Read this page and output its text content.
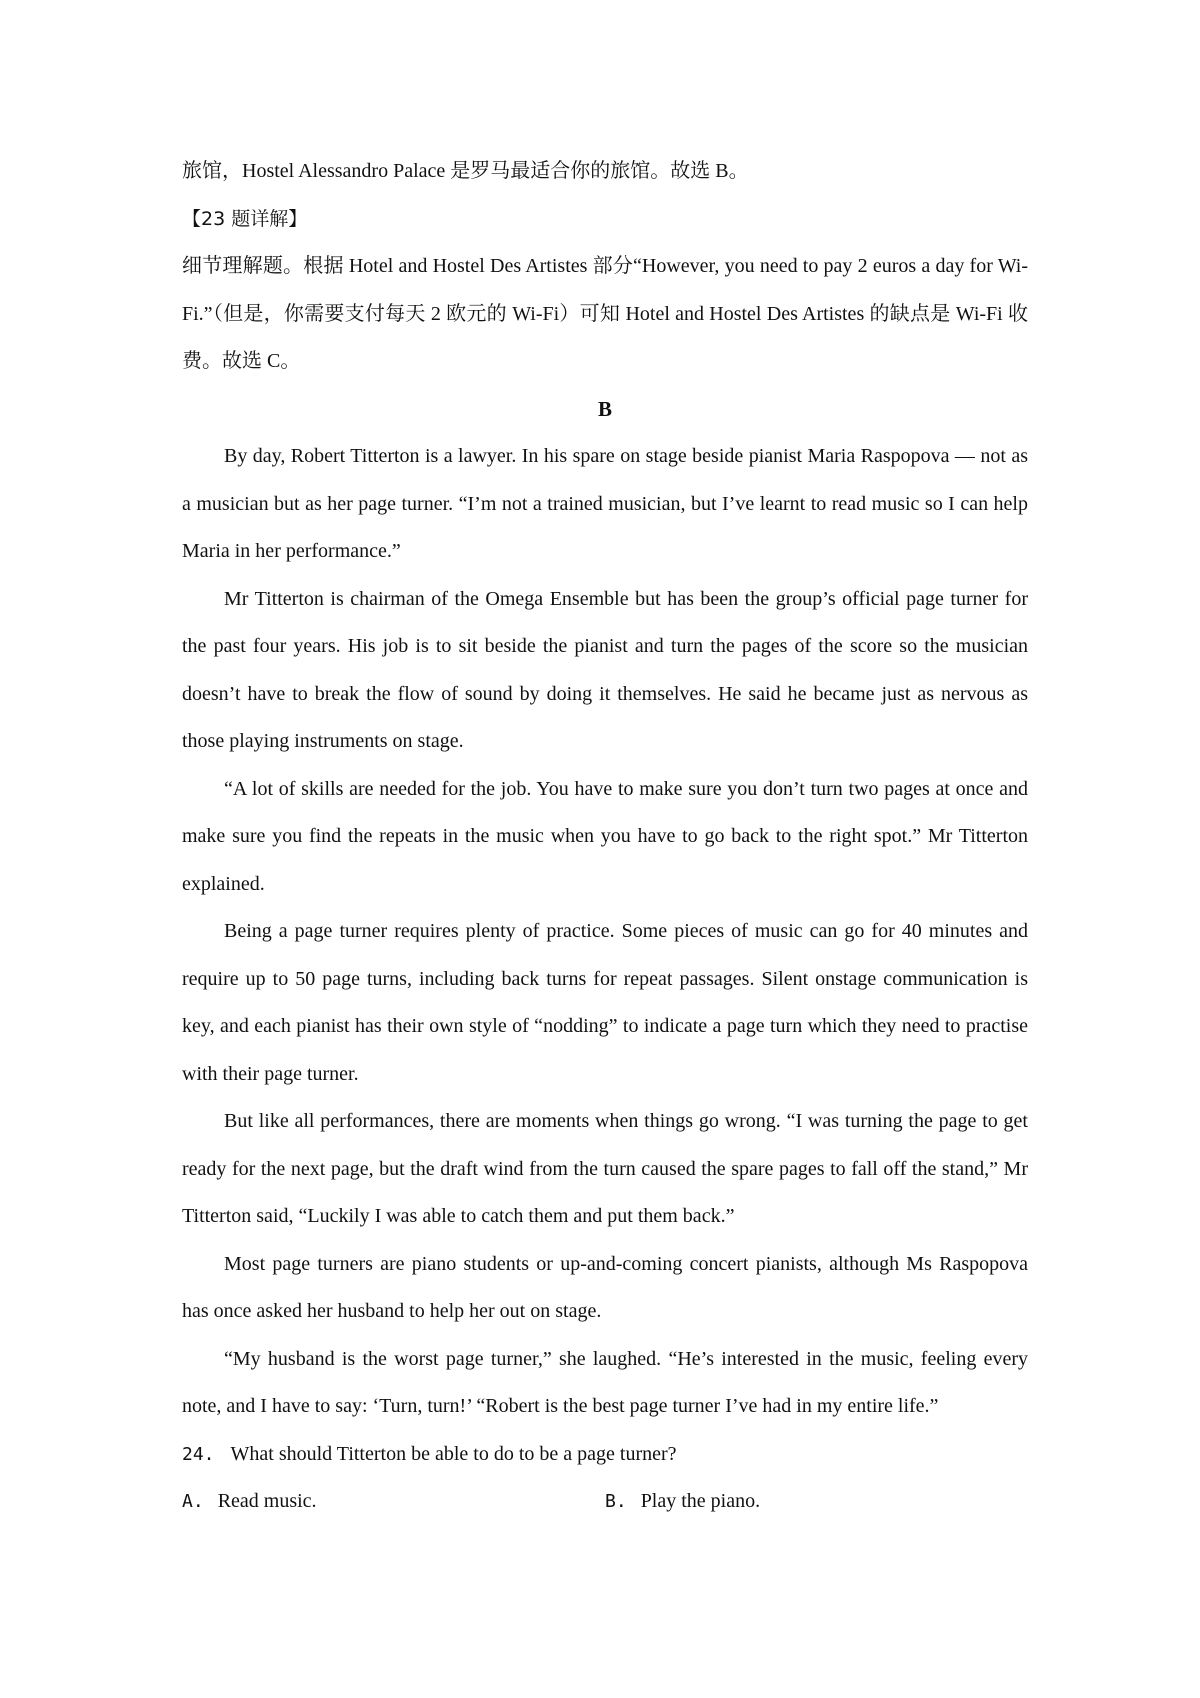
旅馆，Hostel Alessandro Palace 是罗马最适合你的旅馆。故选 B。

【23 题详解】

细节理解题。根据 Hotel and Hostel Des Artistes 部分“However, you need to pay 2 euros a day for Wi-Fi.”（但是，你需要支付每天 2 欧元的 Wi-Fi）可知 Hotel and Hostel Des Artistes 的缺点是 Wi-Fi 收费。故选 C。

B

By day, Robert Titterton is a lawyer. In his spare on stage beside pianist Maria Raspopova — not as a musician but as her page turner. “I’m not a trained musician, but I’ve learnt to read music so I can help Maria in her performance.”

Mr Titterton is chairman of the Omega Ensemble but has been the group’s official page turner for the past four years. His job is to sit beside the pianist and turn the pages of the score so the musician doesn’t have to break the flow of sound by doing it themselves. He said he became just as nervous as those playing instruments on stage.

“A lot of skills are needed for the job. You have to make sure you don’t turn two pages at once and make sure you find the repeats in the music when you have to go back to the right spot.” Mr Titterton explained.

Being a page turner requires plenty of practice. Some pieces of music can go for 40 minutes and require up to 50 page turns, including back turns for repeat passages. Silent onstage communication is key, and each pianist has their own style of “nodding” to indicate a page turn which they need to practise with their page turner.

But like all performances, there are moments when things go wrong. “I was turning the page to get ready for the next page, but the draft wind from the turn caused the spare pages to fall off the stand,” Mr Titterton said, “Luckily I was able to catch them and put them back.”

Most page turners are piano students or up-and-coming concert pianists, although Ms Raspopova has once asked her husband to help her out on stage.

“My husband is the worst page turner,” she laughed. “He’s interested in the music, feeling every note, and I have to say: ‘Turn, turn!’ “Robert is the best page turner I’ve had in my entire life.”

24. What should Titterton be able to do to be a page turner?
A. Read music.	B. Play the piano.
